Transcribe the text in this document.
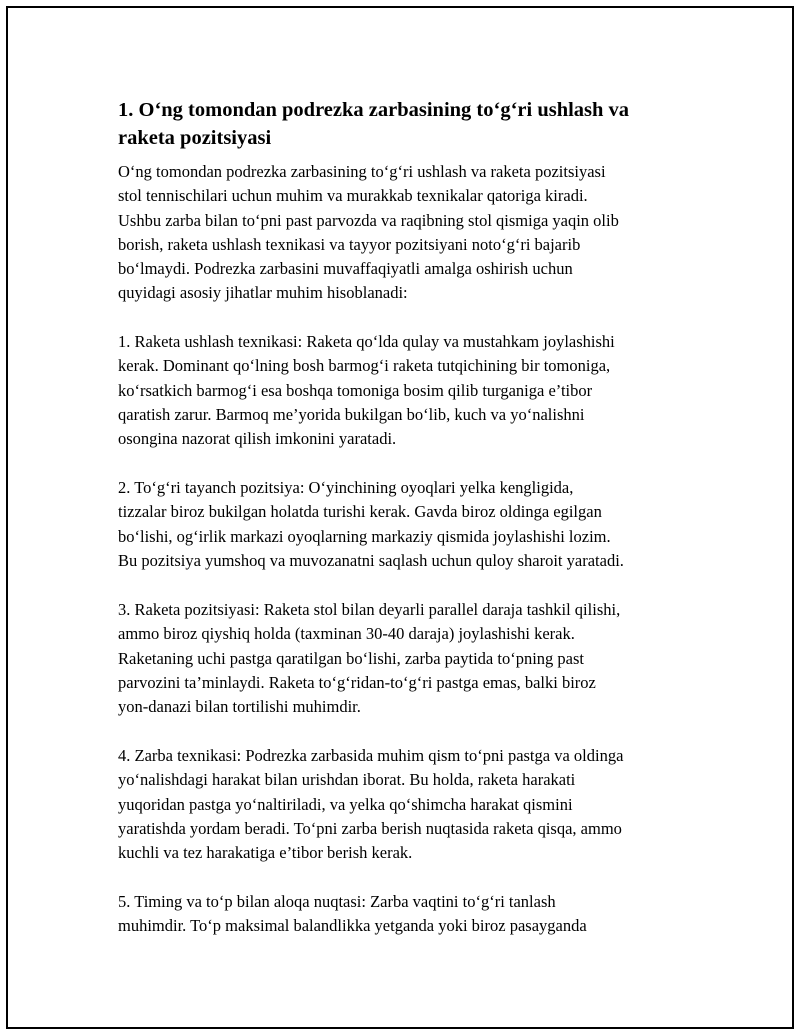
1. O‘ng tomondan podrezka zarbasining to‘g‘ri ushlash va
raketa pozitsiyasi

O‘ng tomondan podrezka zarbasining to‘g‘ri ushlash va raketa pozitsiyasi
stol tennischilari uchun muhim va murakkab texnikalar qatoriga kiradi.
Ushbu zarba bilan to‘pni past parvozda va raqibning stol qismiga yaqin olib
borish, raketa ushlash texnikasi va tayyor pozitsiyani noto‘g‘ri bajarib
bo‘lmaydi. Podrezka zarbasini muvaffaqiyatli amalga oshirish uchun
quyidagi asosiy jihatlar muhim hisoblanadi:

1. Raketa ushlash texnikasi: Raketa qo‘lda qulay va mustahkam joylashishi
kerak. Dominant qo‘lning bosh barmog‘i raketa tutqichining bir tomoniga,
ko‘rsatkich barmog‘i esa boshqa tomoniga bosim qilib turganiga e’tibor
qaratish zarur. Barmoq me’yorida bukilgan bo‘lib, kuch va yo‘nalishni
osongina nazorat qilish imkonini yaratadi.

2. To‘g‘ri tayanch pozitsiya: O‘yinchining oyoqlari yelka kengligida,
tizzalar biroz bukilgan holatda turishi kerak. Gavda biroz oldinga egilgan
bo‘lishi, og‘irlik markazi oyoqlarning markaziy qismida joylashishi lozim.
Bu pozitsiya yumshoq va muvozanatni saqlash uchun quloy sharoit yaratadi.

3. Raketa pozitsiyasi: Raketa stol bilan deyarli parallel daraja tashkil qilishi,
ammo biroz qiyshiq holda (taxminan 30-40 daraja) joylashishi kerak.
Raketaning uchi pastga qaratilgan bo‘lishi, zarba paytida to‘pning past
parvozini ta’minlaydi. Raketa to‘g‘ridan-to‘g‘ri pastga emas, balki biroz
yon-danazi bilan tortilishi muhimdir.

4. Zarba texnikasi: Podrezka zarbasida muhim qism to‘pni pastga va oldinga
yo‘nalishdagi harakat bilan urishdan iborat. Bu holda, raketa harakati
yuqoridan pastga yo‘naltiriladi, va yelka qo‘shimcha harakat qismini
yaratishda yordam beradi. To‘pni zarba berish nuqtasida raketa qisqa, ammo
kuchli va tez harakatiga e’tibor berish kerak.

5. Timing va to‘p bilan aloqa nuqtasi: Zarba vaqtini to‘g‘ri tanlash
muhimdir. To‘p maksimal balandlikka yetganda yoki biroz pasayganda
